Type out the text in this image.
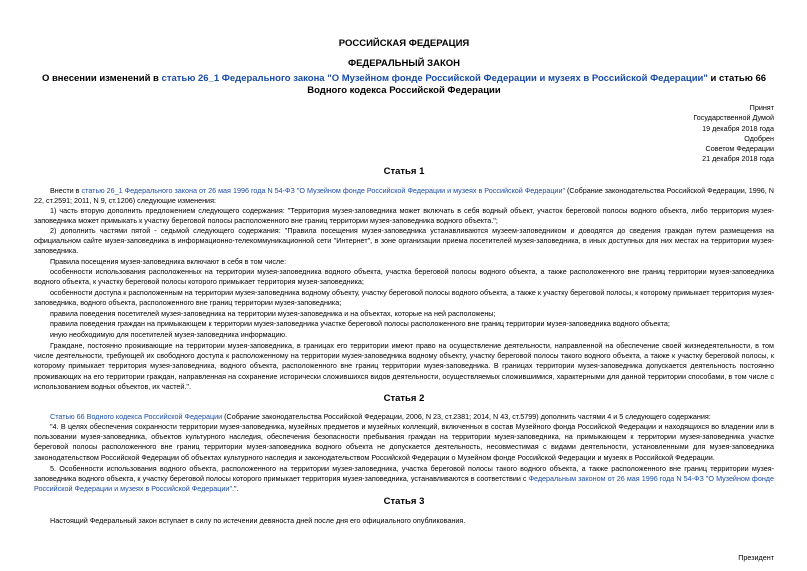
РОССИЙСКАЯ ФЕДЕРАЦИЯ
ФЕДЕРАЛЬНЫЙ ЗАКОН
О внесении изменений в статью 26_1 Федерального закона "О Музейном фонде Российской Федерации и музеях в Российской Федерации" и статью 66 Водного кодекса Российской Федерации
Принят
Государственной Думой
19 декабря 2018 года
Одобрен
Советом Федерации
21 декабря 2018 года
Статья 1
Внести в статью 26_1 Федерального закона от 26 мая 1996 года N 54-ФЗ "О Музейном фонде Российской Федерации и музеях в Российской Федерации" (Собрание законодательства Российской Федерации, 1996, N 22, ст.2591; 2011, N 9, ст.1206) следующие изменения:
1) часть вторую дополнить предложением следующего содержания: "Территория музея-заповедника может включать в себя водный объект, участок береговой полосы водного объекта, либо территория музея-заповедника может примыкать к участку береговой полосы расположенного вне границ территории музея-заповедника водного объекта.";
2) дополнить частями пятой - седьмой следующего содержания: "Правила посещения музея-заповедника устанавливаются музеем-заповедником и доводятся до сведения граждан путем размещения на официальном сайте музея-заповедника в информационно-телекоммуникационной сети "Интернет", в зоне организации приема посетителей музея-заповедника, в иных доступных для них местах на территории музея-заповедника.
Правила посещения музея-заповедника включают в себя в том числе:
особенности использования расположенных на территории музея-заповедника водного объекта, участка береговой полосы водного объекта, а также расположенного вне границ территории музея-заповедника водного объекта, к участку береговой полосы которого примыкает территория музея-заповедника;
особенности доступа к расположенным на территории музея-заповедника водному объекту, участку береговой полосы водного объекта, а также к участку береговой полосы, к которому примыкает территория музея-заповедника, водного объекта, расположенного вне границ территории музея-заповедника;
правила поведения посетителей музея-заповедника на территории музея-заповедника и на объектах, которые на ней расположены;
правила поведения граждан на примыкающем к территории музея-заповедника участке береговой полосы расположенного вне границ территории музея-заповедника водного объекта;
иную необходимую для посетителей музея-заповедника информацию.
Граждане, постоянно проживающие на территории музея-заповедника, в границах его территории имеют право на осуществление деятельности, направленной на обеспечение своей жизнедеятельности, в том числе деятельности, требующей их свободного доступа к расположенному на территории музея-заповедника водному объекту, участку береговой полосы такого водного объекта, а также к участку береговой полосы, к которому примыкает территория музея-заповедника, водного объекта, расположенного вне границ территории музея-заповедника. В границах территории музея-заповедника допускается деятельность постоянно проживающих на его территории граждан, направленная на сохранение исторически сложившихся видов деятельности, осуществляемых сложившимися, характерными для данной территории способами, в том числе с использованием водных объектов, их частей.".
Статья 2
Статью 66 Водного кодекса Российской Федерации (Собрание законодательства Российской Федерации, 2006, N 23, ст.2381; 2014, N 43, ст.5799) дополнить частями 4 и 5 следующего содержания:
"4. В целях обеспечения сохранности территории музея-заповедника, музейных предметов и музейных коллекций, включенных в состав Музейного фонда Российской Федерации и находящихся во владении или в пользовании музея-заповедника, объектов культурного наследия, обеспечения безопасности пребывания граждан на территории музея-заповедника, на примыкающем к территории музея-заповедника участке береговой полосы расположенного вне границ территории музея-заповедника водного объекта не допускается деятельность, несовместимая с видами деятельности, установленными для музея-заповедника законодательством Российской Федерации об объектах культурного наследия и законодательством Российской Федерации о Музейном фонде Российской Федерации и музеях в Российской Федерации.
5. Особенности использования водного объекта, расположенного на территории музея-заповедника, участка береговой полосы такого водного объекта, а также расположенного вне границ территории музея-заповедника водного объекта, к участку береговой полосы которого примыкает территория музея-заповедника, устанавливаются в соответствии с Федеральным законом от 26 мая 1996 года N 54-ФЗ "О Музейном фонде Российской Федерации и музеях в Российской Федерации".".
Статья 3
Настоящий Федеральный закон вступает в силу по истечении девяноста дней после дня его официального опубликования.
Президент
